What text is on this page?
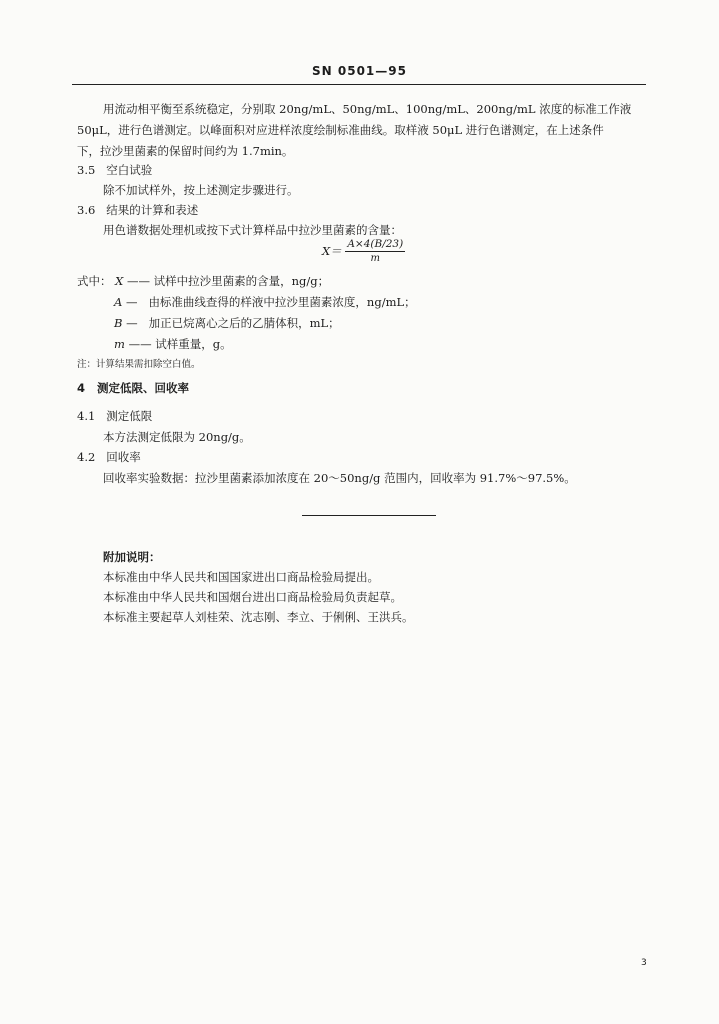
SN 0501—95
用流动相平衡至系统稳定，分别取 20ng/mL、50ng/mL、100ng/mL、200ng/mL 浓度的标准工作液
50μL，进行色谱测定。以峰面积对应进样浓度绘制标准曲线。取样液 50μL 进行色谱测定，在上述条件
下，拉沙里菌素的保留时间约为 1.7min。
3.5 空白试验
除不加试样外，按上述测定步骤进行。
3.6 结果的计算和表述
用色谱数据处理机或按下式计算样品中拉沙里菌素的含量：
$X= \frac{A\times 4(B/23)}{m}$
式中： X —— 试样中拉沙里菌素的含量，ng/g；
A — 由标准曲线查得的样液中拉沙里菌素浓度，ng/mL；
B — 加正已烷离心之后的乙腈体积，mL；
m —— 试样重量，g。
注：计算结果需扣除空白值。
4 测定低限、回收率
4.1 测定低限
本方法测定低限为 20ng/g。
4.2 回收率
回收率实验数据：拉沙里菌素添加浓度在 20～50ng/g 范围内，回收率为 91.7%～97.5%。
附加说明：
本标准由中华人民共和国国家进出口商品检验局提出。
本标准由中华人民共和国烟台进出口商品检验局负责起草。
本标准主要起草人刘桂荣、沈志刚、李立、于俐俐、王洪兵。
3
